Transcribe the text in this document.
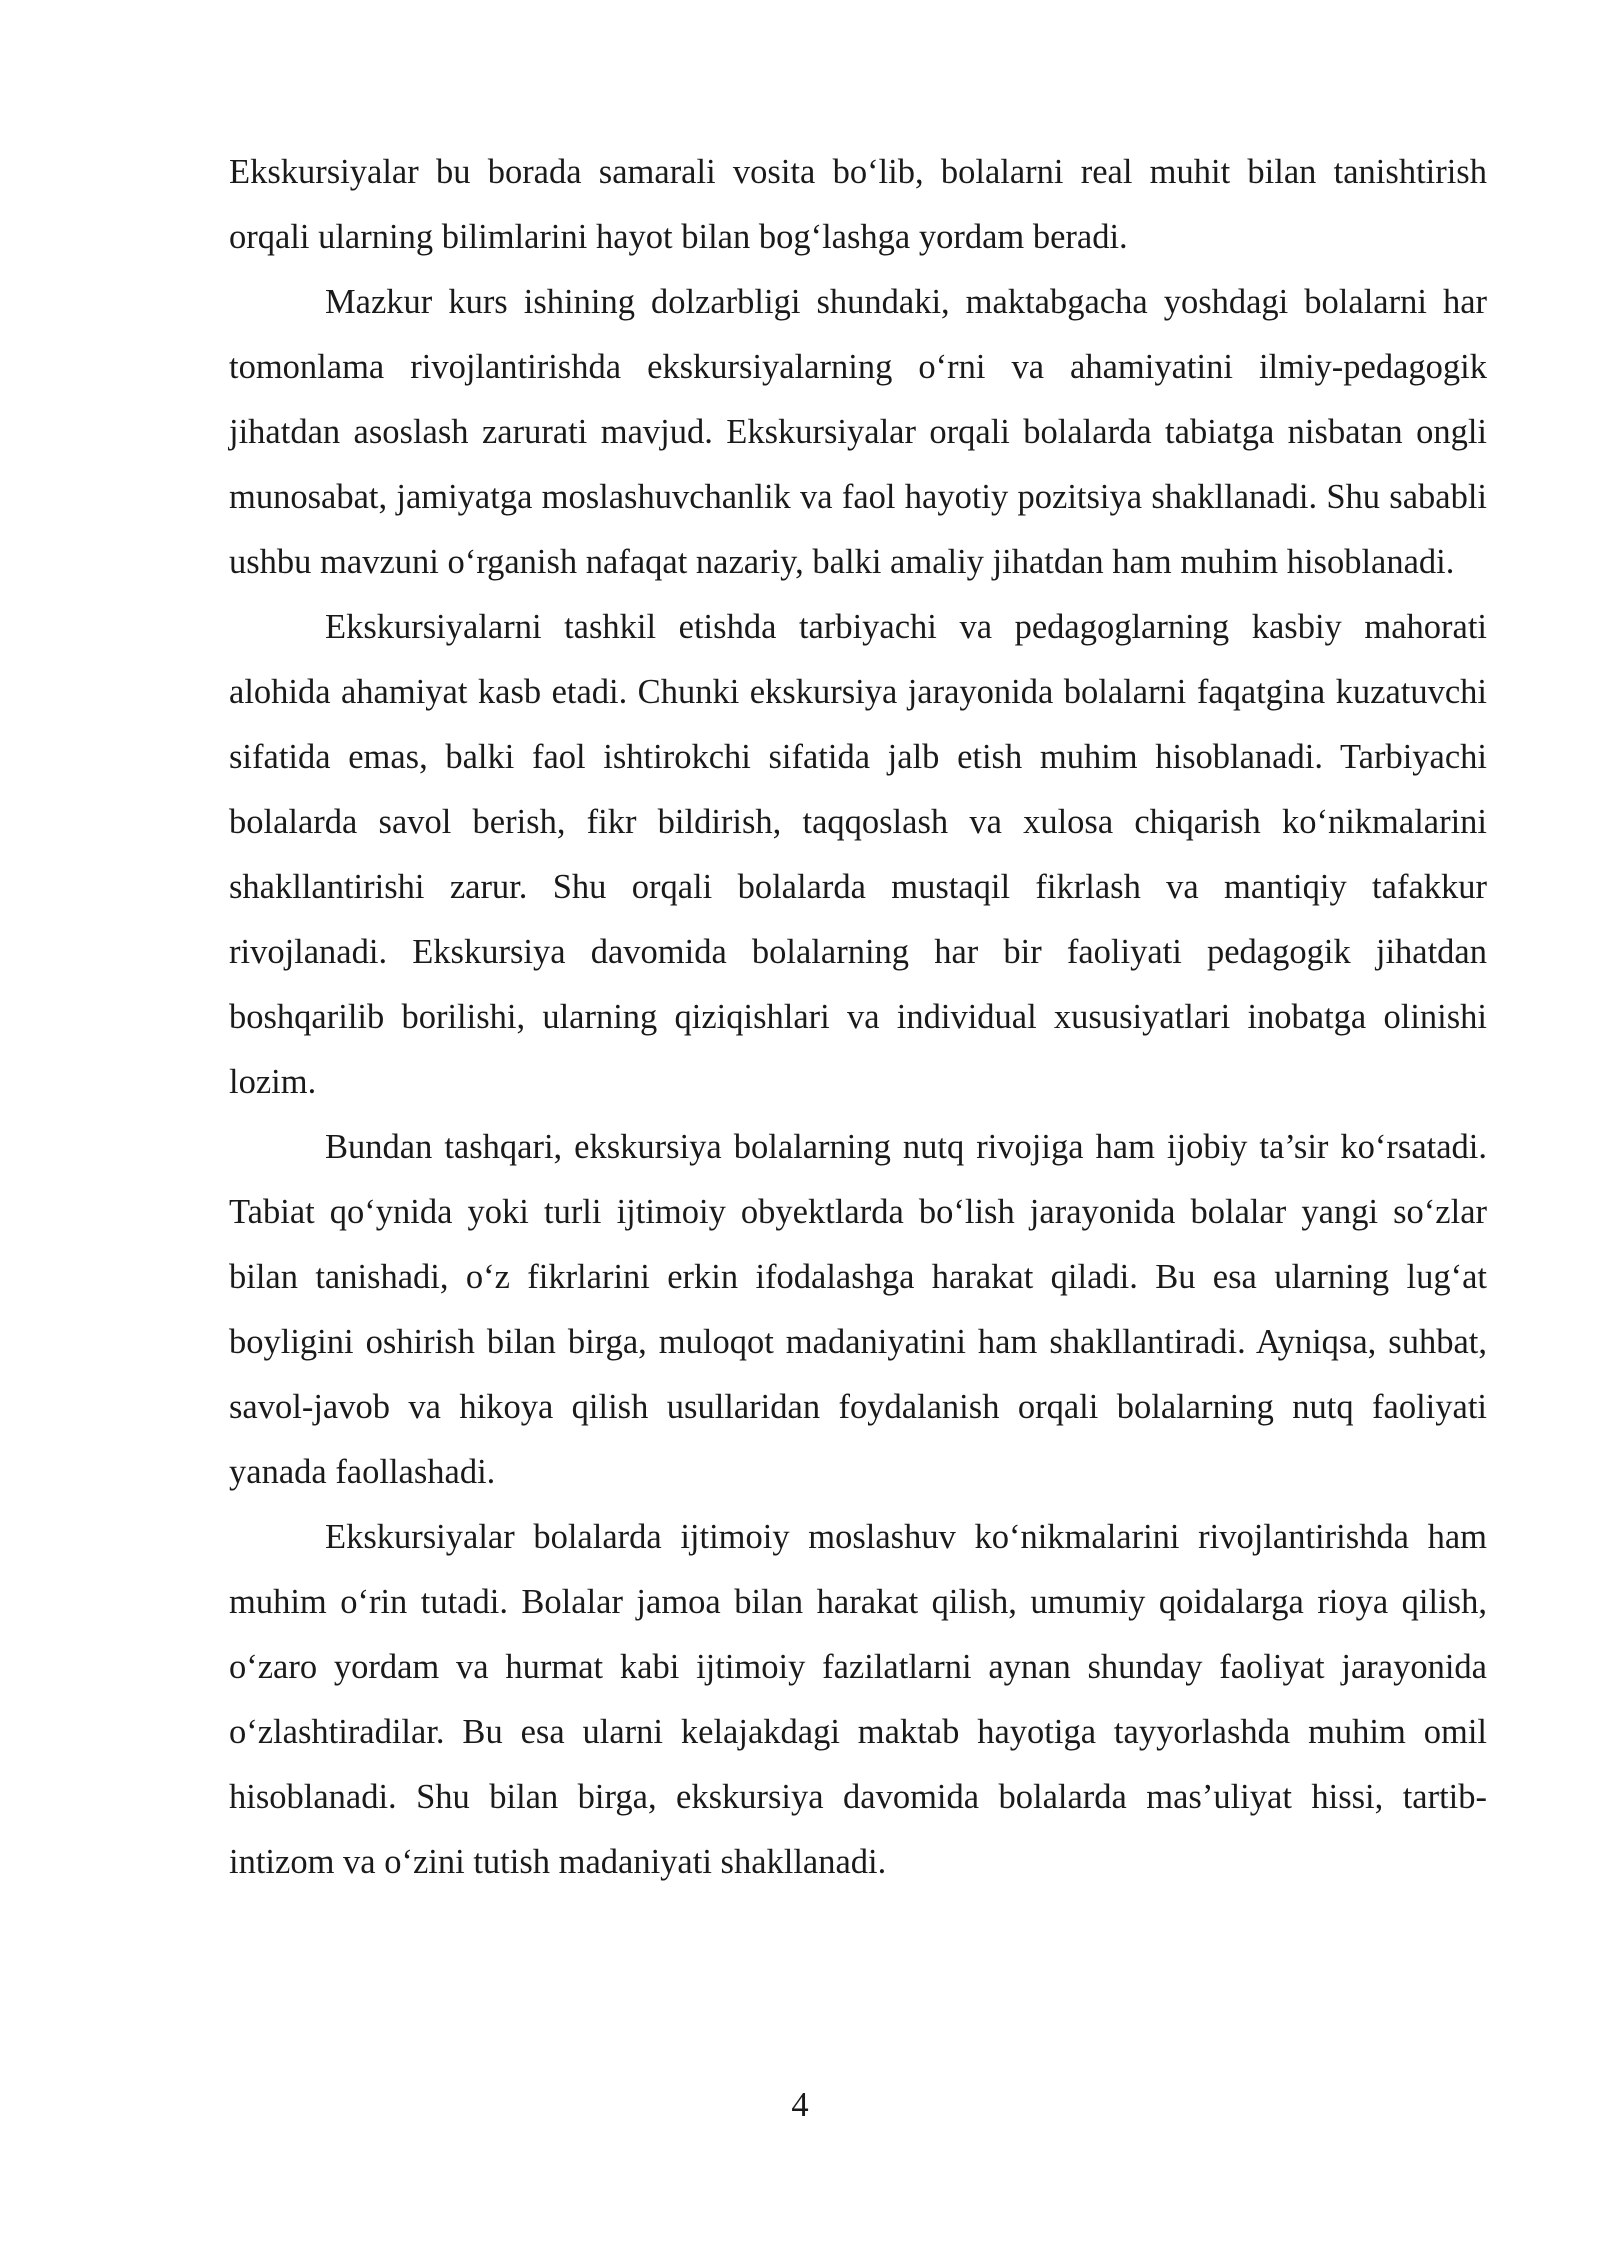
Ekskursiyalar bu borada samarali vosita bo‘lib, bolalarni real muhit bilan tanishtirish orqali ularning bilimlarini hayot bilan bog‘lashga yordam beradi.

Mazkur kurs ishining dolzarbligi shundaki, maktabgacha yoshdagi bolalarni har tomonlama rivojlantirishda ekskursiyalarning o‘rni va ahamiyatini ilmiy-pedagogik jihatdan asoslash zarurati mavjud. Ekskursiyalar orqali bolalarda tabiatga nisbatan ongli munosabat, jamiyatga moslashuvchanlik va faol hayotiy pozitsiya shakllanadi. Shu sababli ushbu mavzuni o‘rganish nafaqat nazariy, balki amaliy jihatdan ham muhim hisoblanadi.

Ekskursiyalarni tashkil etishda tarbiyachi va pedagoglarning kasbiy mahorati alohida ahamiyat kasb etadi. Chunki ekskursiya jarayonida bolalarni faqatgina kuzatuvchi sifatida emas, balki faol ishtirokchi sifatida jalb etish muhim hisoblanadi. Tarbiyachi bolalarda savol berish, fikr bildirish, taqqoslash va xulosa chiqarish ko‘nikmalarini shakllantirishi zarur. Shu orqali bolalarda mustaqil fikrlash va mantiqiy tafakkur rivojlanadi. Ekskursiya davomida bolalarning har bir faoliyati pedagogik jihatdan boshqarilib borilishi, ularning qiziqishlari va individual xususiyatlari inobatga olinishi lozim.

Bundan tashqari, ekskursiya bolalarning nutq rivojiga ham ijobiy ta’sir ko‘rsatadi. Tabiat qo‘ynida yoki turli ijtimoiy obyektlarda bo‘lish jarayonida bolalar yangi so‘zlar bilan tanishadi, o‘z fikrlarini erkin ifodalashga harakat qiladi. Bu esa ularning lug‘at boyligini oshirish bilan birga, muloqot madaniyatini ham shakllantiradi. Ayniqsa, suhbat, savol-javob va hikoya qilish usullaridan foydalanish orqali bolalarning nutq faoliyati yanada faollashadi.

Ekskursiyalar bolalarda ijtimoiy moslashuv ko‘nikmalarini rivojlantirishda ham muhim o‘rin tutadi. Bolalar jamoa bilan harakat qilish, umumiy qoidalarga rioya qilish, o‘zaro yordam va hurmat kabi ijtimoiy fazilatlarni aynan shunday faoliyat jarayonida o‘zlashtiradilar. Bu esa ularni kelajakdagi maktab hayotiga tayyorlashda muhim omil hisoblanadi. Shu bilan birga, ekskursiya davomida bolalarda mas’uliyat hissi, tartib-intizom va o‘zini tutish madaniyati shakllanadi.

4
